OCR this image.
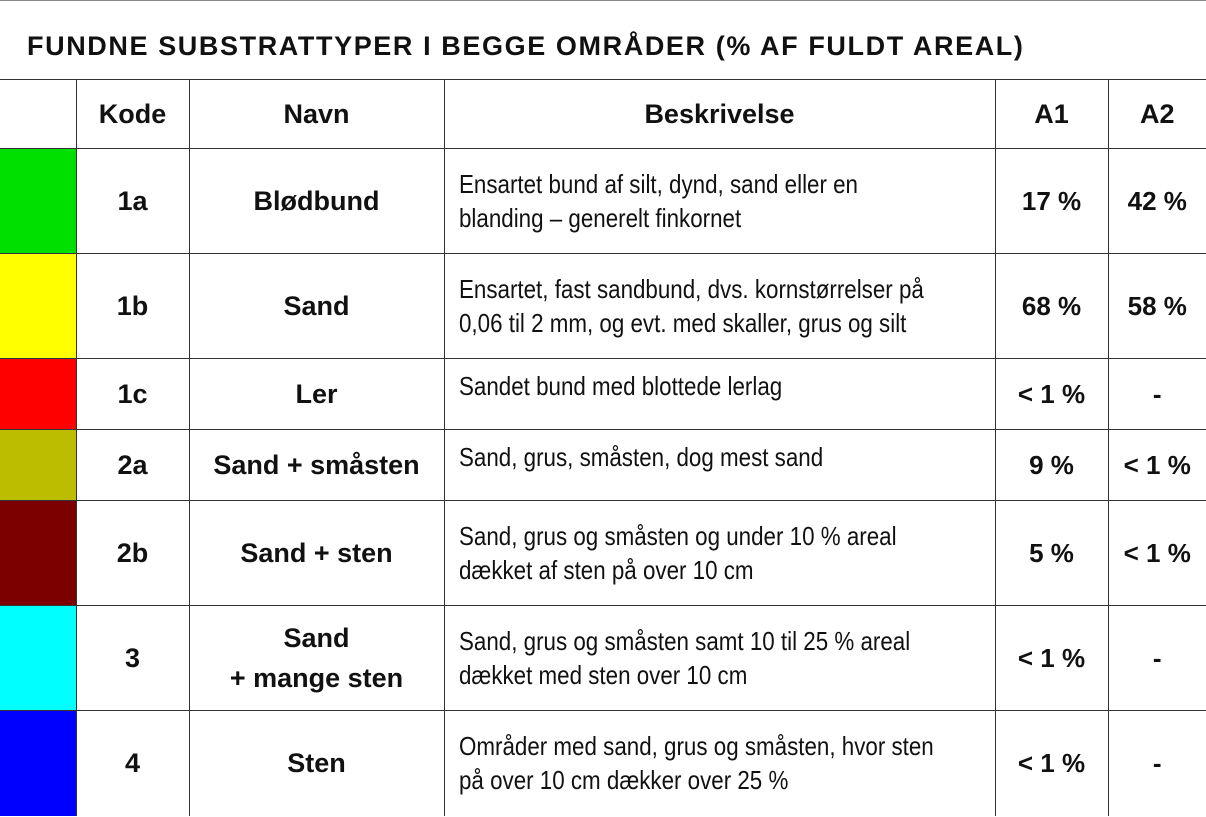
FUNDNE SUBSTRATTYPER I BEGGE OMRÅDER (% AF FULDT AREAL)
	Kode	Navn	Beskrivelse	A1	A2
	1a	Blødbund	Ensartet bund af silt, dynd, sand eller en
blanding – generelt finkornet	17 %	42 %
	1b	Sand	Ensartet, fast sandbund, dvs. kornstørrelser på
0,06 til 2 mm, og evt. med skaller, grus og silt	68 %	58 %
	1c	Ler	Sandet bund med blottede lerlag	< 1 %	-
	2a	Sand + småsten	Sand, grus, småsten, dog mest sand	9 %	< 1 %
	2b	Sand + sten	Sand, grus og småsten og under 10 % areal
dækket af sten på over 10 cm	5 %	< 1 %
	3	Sand
+ mange sten	Sand, grus og småsten samt 10 til 25 % areal
dækket med sten over 10 cm	< 1 %	-
	4	Sten	Områder med sand, grus og småsten, hvor sten
på over 10 cm dækker over 25 %	< 1 %	-
